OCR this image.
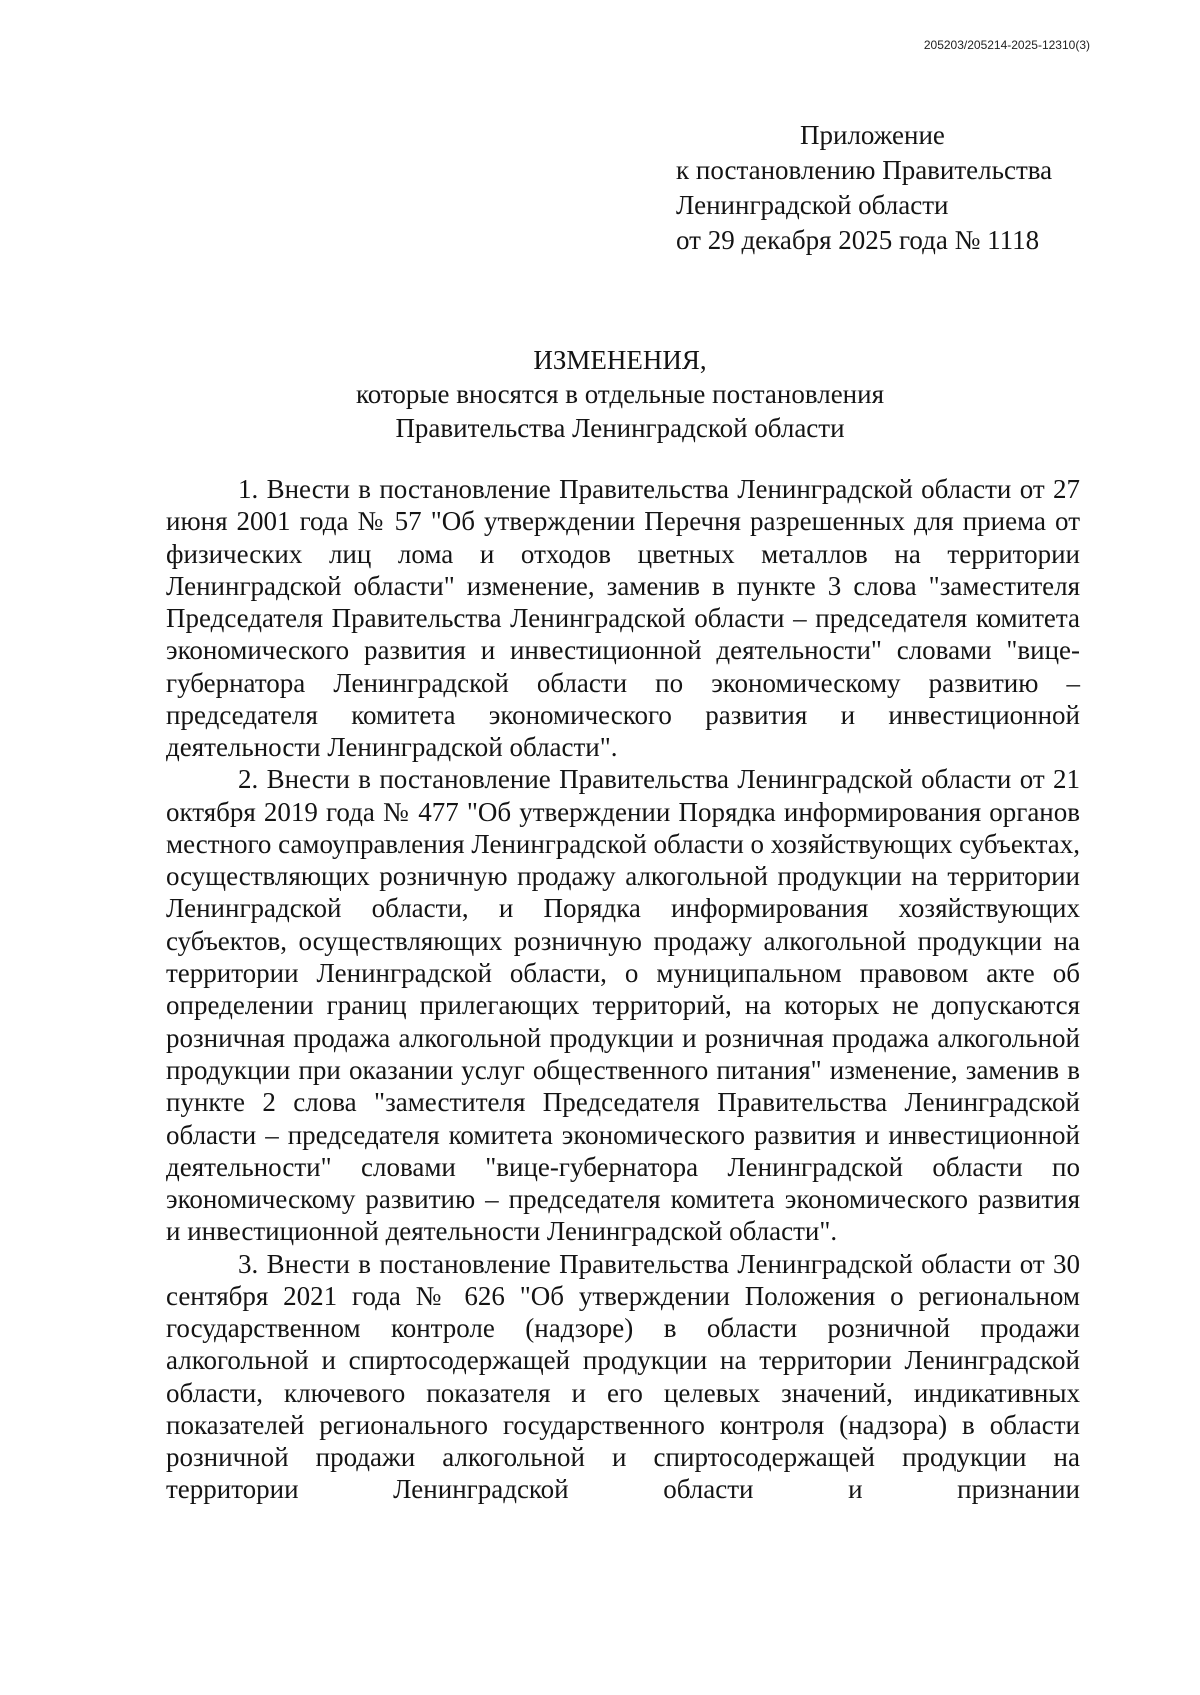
205203/205214-2025-12310(3)
Приложение
к постановлению Правительства
Ленинградской области
от 29 декабря 2025 года № 1118
ИЗМЕНЕНИЯ,
которые вносятся в отдельные постановления
Правительства Ленинградской области

1. Внести в постановление Правительства Ленинградской области от 27 июня 2001 года № 57 "Об утверждении Перечня разрешенных для приема от физических лиц лома и отходов цветных металлов на территории Ленинградской области" изменение, заменив в пункте 3 слова "заместителя Председателя Правительства Ленинградской области – председателя комитета экономического развития и инвестиционной деятельности" словами "вице-губернатора Ленинградской области по экономическому развитию – председателя комитета экономического развития и инвестиционной деятельности Ленинградской области".

2. Внести в постановление Правительства Ленинградской области от 21 октября 2019 года № 477 "Об утверждении Порядка информирования органов местного самоуправления Ленинградской области о хозяйствующих субъектах, осуществляющих розничную продажу алкогольной продукции на территории Ленинградской области, и Порядка информирования хозяйствующих субъектов, осуществляющих розничную продажу алкогольной продукции на территории Ленинградской области, о муниципальном правовом акте об определении границ прилегающих территорий, на которых не допускаются розничная продажа алкогольной продукции и розничная продажа алкогольной продукции при оказании услуг общественного питания" изменение, заменив в пункте 2 слова "заместителя Председателя Правительства Ленинградской области – председателя комитета экономического развития и инвестиционной деятельности" словами "вице-губернатора Ленинградской области по экономическому развитию – председателя комитета экономического развития и инвестиционной деятельности Ленинградской области".

3. Внести в постановление Правительства Ленинградской области от 30 сентября 2021 года № 626 "Об утверждении Положения о региональном государственном контроле (надзоре) в области розничной продажи алкогольной и спиртосодержащей продукции на территории Ленинградской области, ключевого показателя и его целевых значений, индикативных показателей регионального государственного контроля (надзора) в области розничной продажи алкогольной и спиртосодержащей продукции на территории Ленинградской области и признании
